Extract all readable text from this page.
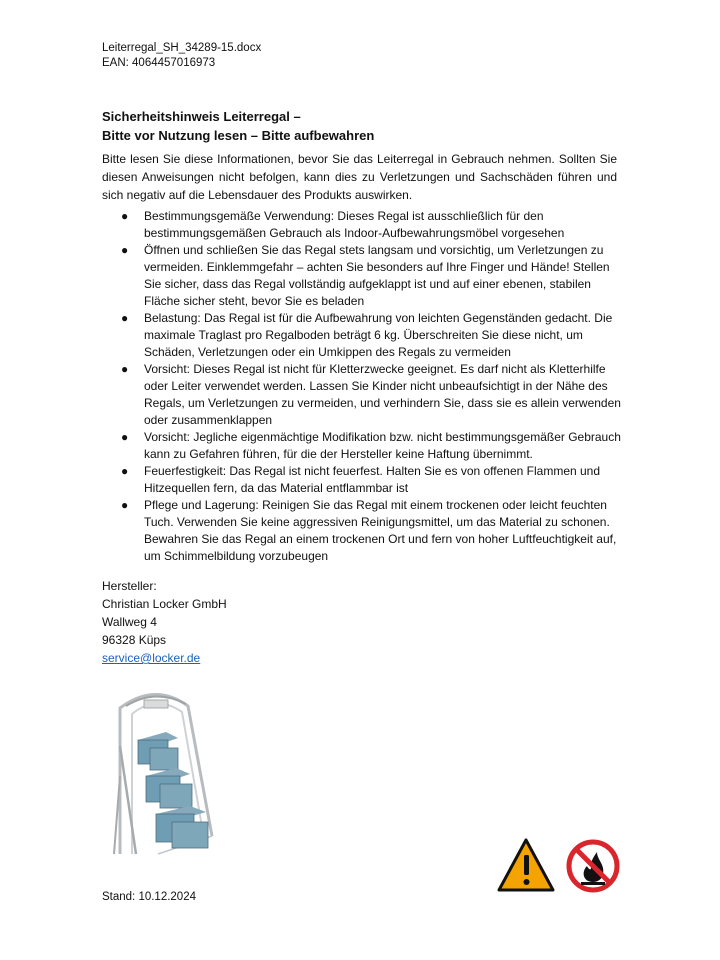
Leiterregal_SH_34289-15.docx
EAN: 4064457016973
Sicherheitshinweis Leiterregal –
Bitte vor Nutzung lesen – Bitte aufbewahren
Bitte lesen Sie diese Informationen, bevor Sie das Leiterregal in Gebrauch nehmen. Sollten Sie diesen Anweisungen nicht befolgen, kann dies zu Verletzungen und Sachschäden führen und sich negativ auf die Lebensdauer des Produkts auswirken.
● Bestimmungsgemäße Verwendung: Dieses Regal ist ausschließlich für den bestimmungsgemäßen Gebrauch als Indoor-Aufbewahrungsmöbel vorgesehen
● Öffnen und schließen Sie das Regal stets langsam und vorsichtig, um Verletzungen zu vermeiden. Einklemmgefahr – achten Sie besonders auf Ihre Finger und Hände! Stellen Sie sicher, dass das Regal vollständig aufgeklappt ist und auf einer ebenen, stabilen Fläche sicher steht, bevor Sie es beladen
● Belastung: Das Regal ist für die Aufbewahrung von leichten Gegenständen gedacht. Die maximale Traglast pro Regalboden beträgt 6 kg. Überschreiten Sie diese nicht, um Schäden, Verletzungen oder ein Umkippen des Regals zu vermeiden
● Vorsicht: Dieses Regal ist nicht für Kletterzwecke geeignet. Es darf nicht als Kletterhilfe oder Leiter verwendet werden. Lassen Sie Kinder nicht unbeaufsichtigt in der Nähe des Regals, um Verletzungen zu vermeiden, und verhindern Sie, dass sie es allein verwenden oder zusammenklappen
● Vorsicht: Jegliche eigenmächtige Modifikation bzw. nicht bestimmungsgemäßer Gebrauch kann zu Gefahren führen, für die der Hersteller keine Haftung übernimmt.
● Feuerfestigkeit: Das Regal ist nicht feuerfest. Halten Sie es von offenen Flammen und Hitzequellen fern, da das Material entflammbar ist
● Pflege und Lagerung: Reinigen Sie das Regal mit einem trockenen oder leicht feuchten Tuch. Verwenden Sie keine aggressiven Reinigungsmittel, um das Material zu schonen. Bewahren Sie das Regal an einem trockenen Ort und fern von hoher Luftfeuchtigkeit auf, um Schimmelbildung vorzubeugen
Hersteller:
Christian Locker GmbH
Wallweg 4
96328 Küps
service@locker.de
Stand: 10.12.2024
